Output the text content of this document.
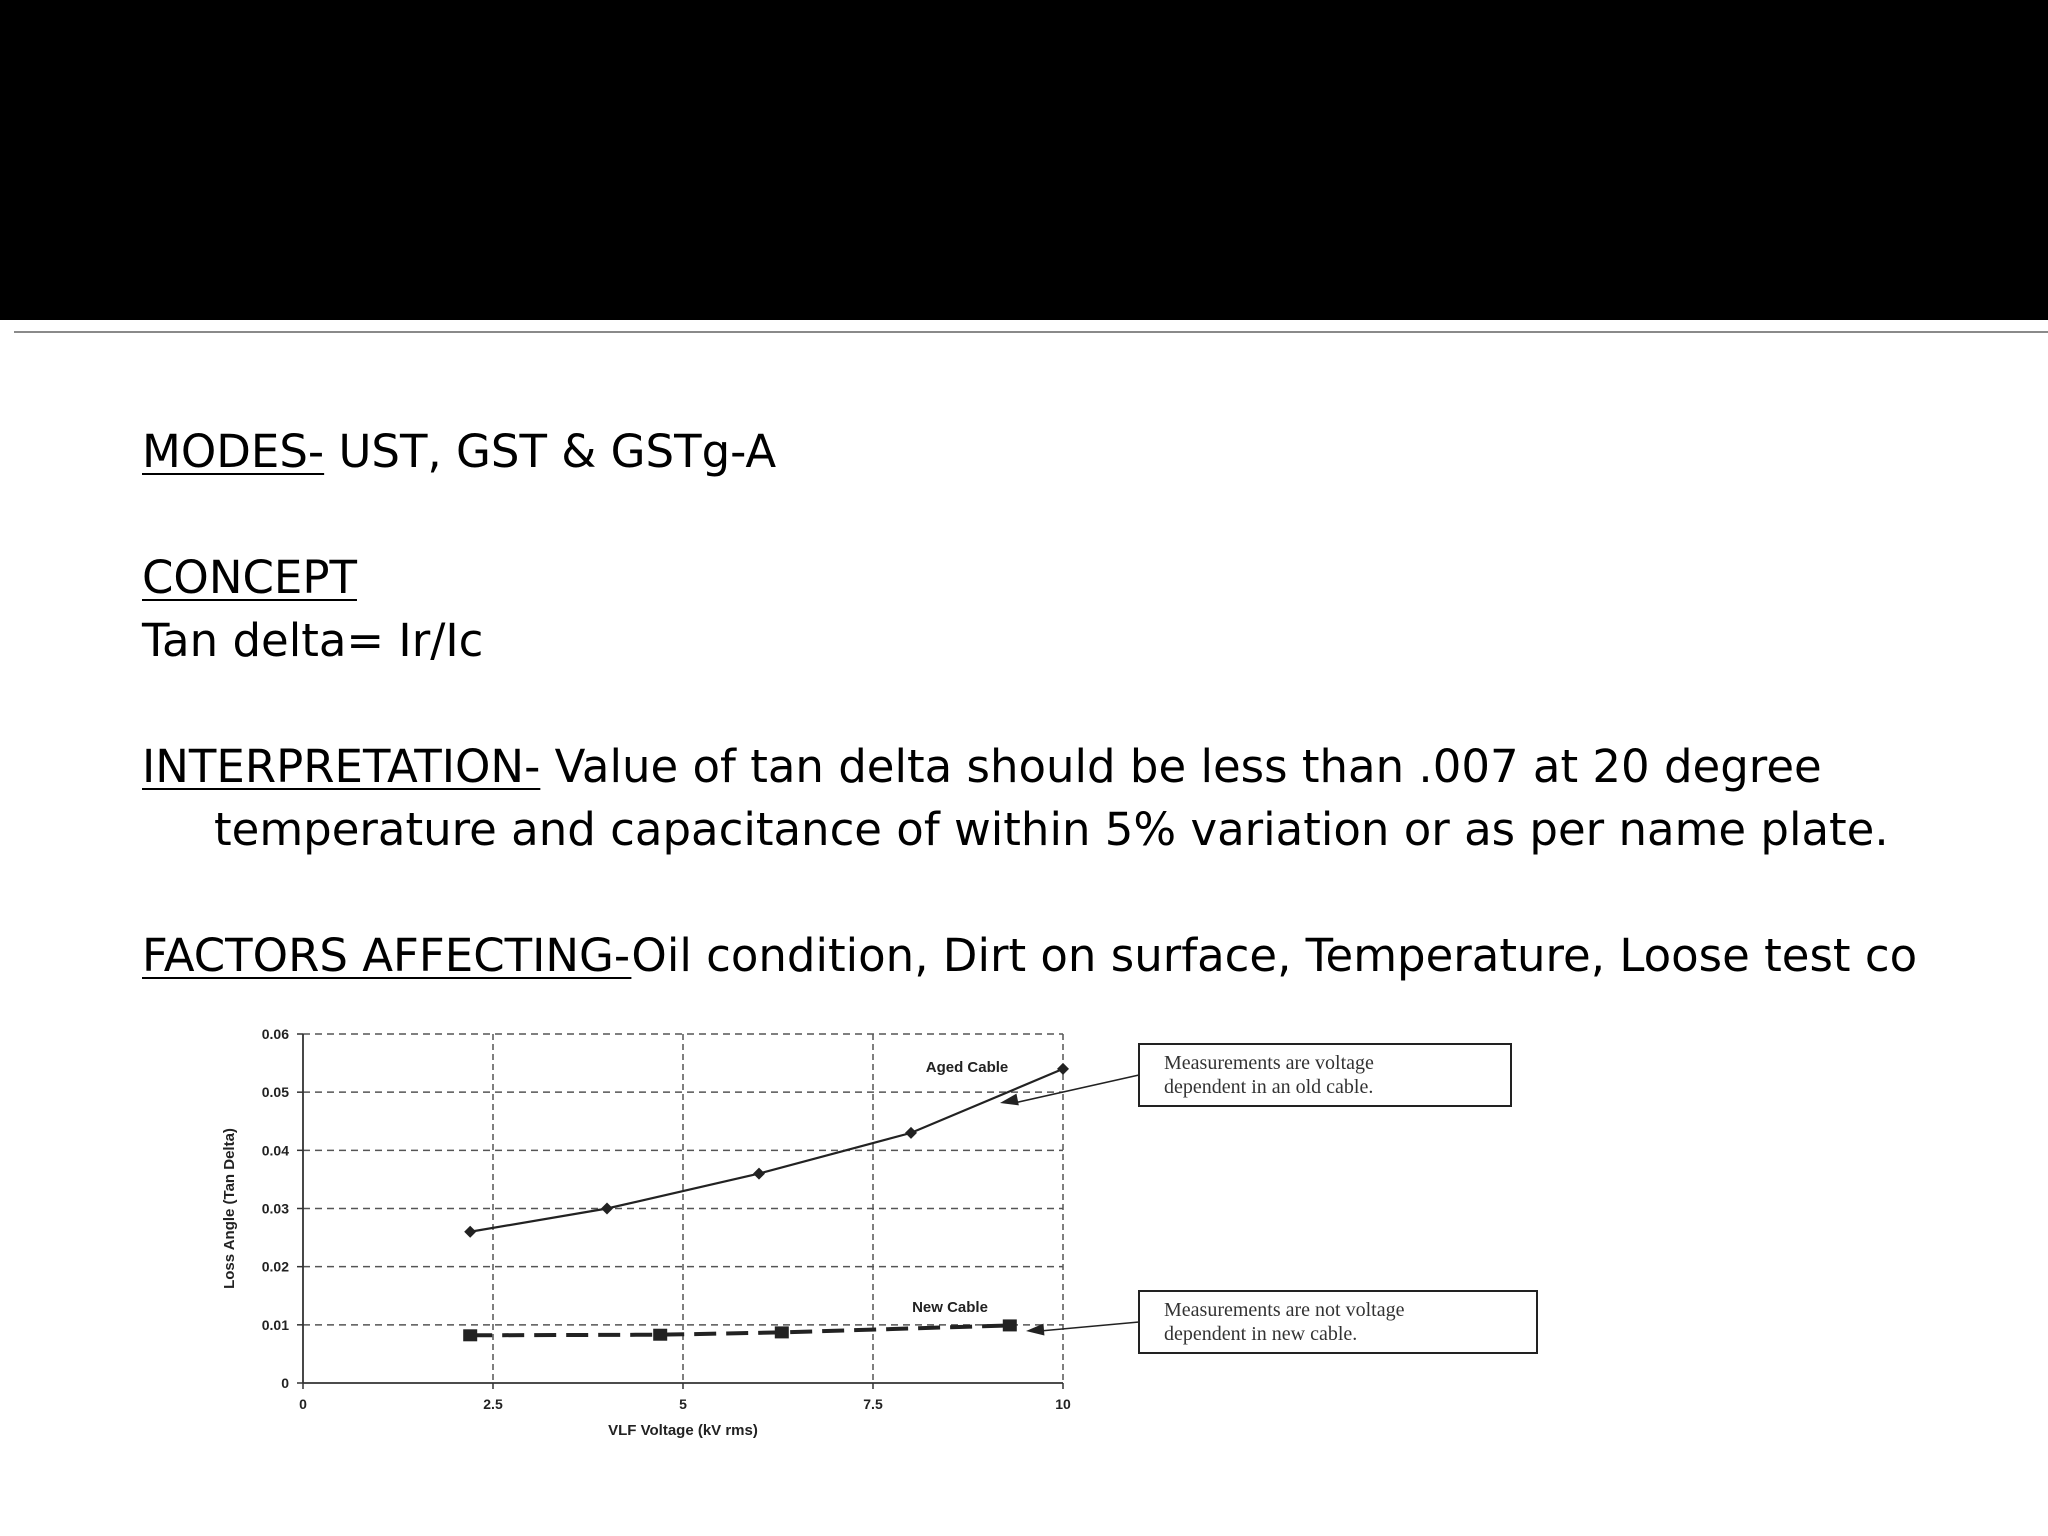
MODES- UST, GST & GSTg-A
CONCEPT
Tan delta= Ir/Ic
INTERPRETATION- Value of tan delta should be less than .007 at 20 degree
temperature and capacitance of within 5% variation or as per name plate.
FACTORS AFFECTING-Oil condition, Dirt on surface, Temperature, Loose test co
0
0.01
0.02
0.03
0.04
0.05
0.06
0	2.5	5	7.5	10
VLF Voltage (kV rms)
Loss Angle (Tan Delta)
Aged Cable
New Cable
Measurements are voltage
dependent in an old cable.
Measurements are not voltage
dependent in new cable.
